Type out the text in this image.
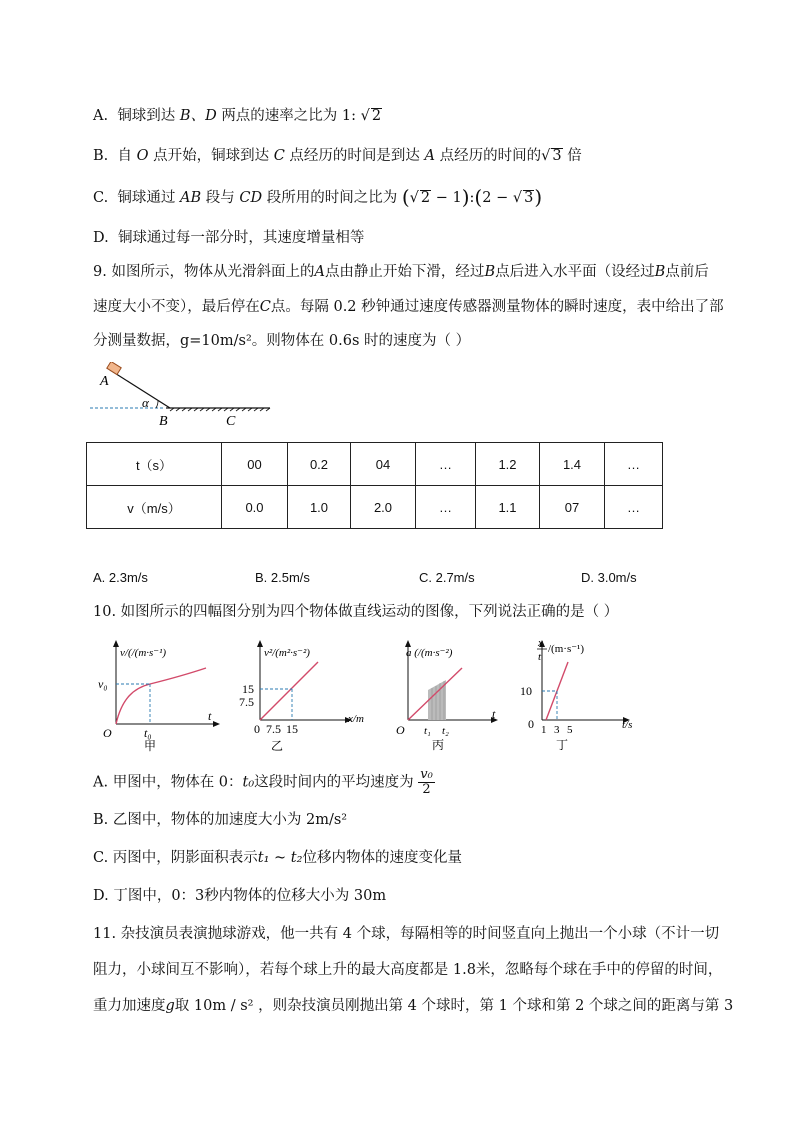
A. 铜球到达 B、D 两点的速率之比为 1: √ 2
B. 自 O 点开始，铜球到达 C 点经历的时间是到达 A 点经历的时间的√ 3 倍
C. 铜球通过 AB 段与 CD 段所用的时间之比为 (√ 2 − 1):(2 − √ 3)
D. 铜球通过每一部分时，其速度增量相等
9. 如图所示，物体从光滑斜面上的A点由静止开始下滑，经过B点后进入水平面（设经过B点前后
速度大小不变），最后停在C点。每隔 0.2 秒钟通过速度传感器测量物体的瞬时速度，表中给出了部
分测量数据，g=10m/s²。则物体在 0.6s 时的速度为（ ）
A
α
B	C
t（s）	00	0.2	04	…	1.2	1.4	…
v（m/s）	0.0	1.0	2.0	…	1.1	07	…
A. 2.3m/s	B. 2.5m/s	C. 2.7m/s	D. 3.0m/s
10. 如图所示的四幅图分别为四个物体做直线运动的图像，下列说法正确的是（ ）
v/(/(m·s⁻¹)
v₀
O	t₀
t
甲
v²/(m²·s⁻²)
15
7.5
0 7.5 15
x/m
乙
a (/(m·s⁻²)
O t₁ t₂
t
丙
x
t
/(m·s⁻¹)
10
0 1 3 5	t/s
丁
A. 甲图中，物体在 0：t₀这段时间内的平均速度为 $\frac{\text{v₀}}{2}$
B. 乙图中，物体的加速度大小为 2m/s²
C. 丙图中，阴影面积表示t₁ ~ t₂位移内物体的速度变化量
D. 丁图中，0：3秒内物体的位移大小为 30m
11. 杂技演员表演抛球游戏，他一共有 4 个球，每隔相等的时间竖直向上抛出一个小球（不计一切
阻力，小球间互不影响），若每个球上升的最大高度都是 1.8米，忽略每个球在手中的停留的时间，
重力加速度g取 10m / s² ，则杂技演员刚抛出第 4 个球时，第 1 个球和第 2 个球之间的距离与第 3
